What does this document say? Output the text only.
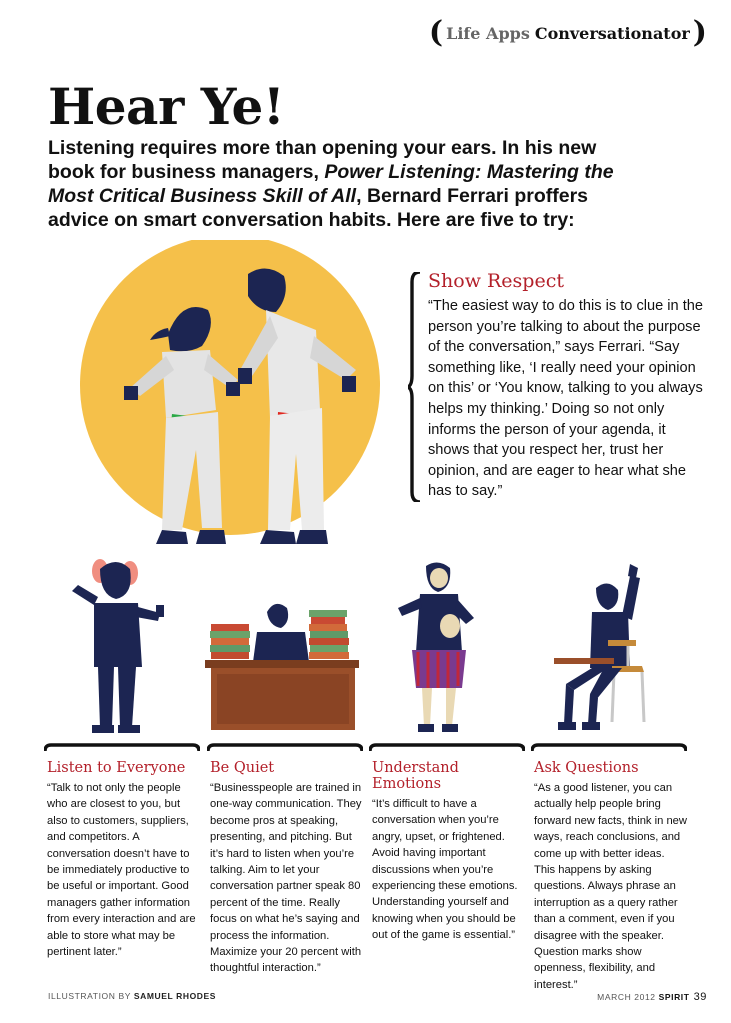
( Life Apps Conversationator )
Hear Ye!

Listening requires more than opening your ears. In his new book for business managers, Power Listening: Mastering the Most Critical Business Skill of All, Bernard Ferrari proffers advice on smart conversation habits. Here are five to try:

Show Respect

“The easiest way to do this is to clue in the person you’re talking to about the purpose of the conversation,” says Ferrari. “Say something like, ‘I really need your opinion on this’ or ‘You know, talking to you always helps my thinking.’ Doing so not only informs the person of your agenda, it shows that you respect her, trust her opinion, and are eager to hear what she has to say.”

Listen to Everyone

“Talk to not only the people who are closest to you, but also to customers, suppliers, and competitors. A conversation doesn’t have to be immediately productive to be useful or important. Good managers gather information from every interaction and are able to store what may be pertinent later.”

Be Quiet

“Businesspeople are trained in one-way communication. They become pros at speaking, presenting, and pitching. But it’s hard to listen when you’re talking. Aim to let your conversation partner speak 80 percent of the time. Really focus on what he’s saying and process the information. Maximize your 20 percent with thoughtful interaction.”

Understand Emotions

“It’s difficult to have a conversation when you’re angry, upset, or frightened. Avoid having important discussions when you’re experiencing these emotions. Understanding yourself and knowing when you should be out of the game is essential.”

Ask Questions

“As a good listener, you can actually help people bring forward new facts, think in new ways, reach conclusions, and come up with better ideas. This happens by asking questions. Always phrase an interruption as a query rather than a comment, even if you disagree with the speaker. Question marks show openness, flexibility, and interest.”

ILLUSTRATION BY SAMUEL RHODES	MARCH 2012 SPIRIT 39
